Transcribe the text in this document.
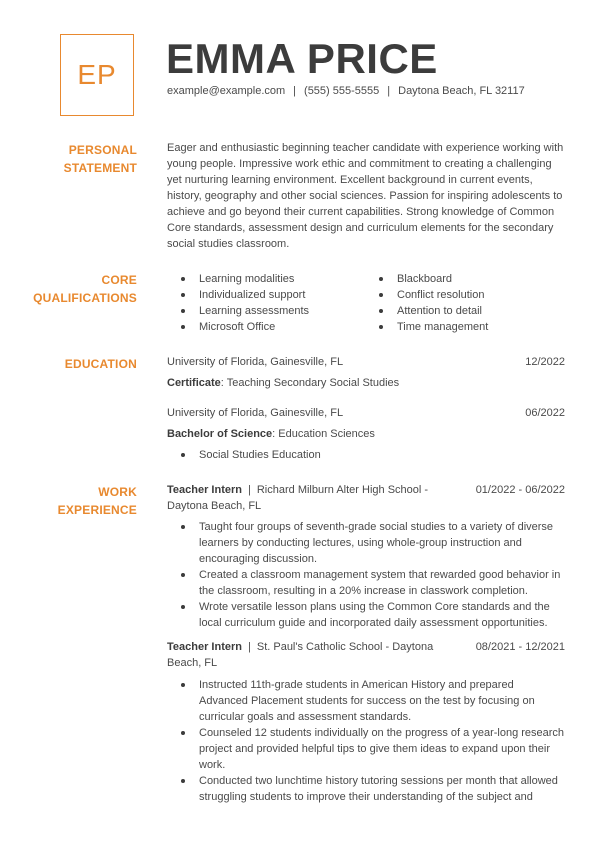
EP	EMMA PRICE
example@example.com | (555) 555-5555 | Daytona Beach, FL 32117
PERSONAL
STATEMENT
Eager and enthusiastic beginning teacher candidate with experience working with young people. Impressive work ethic and commitment to creating a challenging yet nurturing learning environment. Excellent background in current events, history, geography and other social sciences. Passion for inspiring adolescents to achieve and go beyond their current capabilities. Strong knowledge of Common Core standards, assessment design and curriculum elements for the secondary social studies classroom.
CORE
QUALIFICATIONS
Learning modalities
Individualized support
Learning assessments
Microsoft Office
Blackboard
Conflict resolution
Attention to detail
Time management
EDUCATION	University of Florida, Gainesville, FL	12/2022
Certificate: Teaching Secondary Social Studies
University of Florida, Gainesville, FL	06/2022
Bachelor of Science: Education Sciences
Social Studies Education
WORK
EXPERIENCE
Teacher Intern | Richard Milburn Alter High School -
Daytona Beach, FL
01/2022 - 06/2022
Taught four groups of seventh-grade social studies to a variety of diverse learners by conducting lectures, using whole-group instruction and encouraging discussion.
Created a classroom management system that rewarded good behavior in the classroom, resulting in a 20% increase in classwork completion.
Wrote versatile lesson plans using the Common Core standards and the local curriculum guide and incorporated daily assessment opportunities.
Teacher Intern | St. Paul's Catholic School - Daytona
Beach, FL
08/2021 - 12/2021
Instructed 11th-grade students in American History and prepared Advanced Placement students for success on the test by focusing on curricular goals and assessment standards.
Counseled 12 students individually on the progress of a year-long research project and provided helpful tips to give them ideas to expand upon their work.
Conducted two lunchtime history tutoring sessions per month that allowed struggling students to improve their understanding of the subject and
